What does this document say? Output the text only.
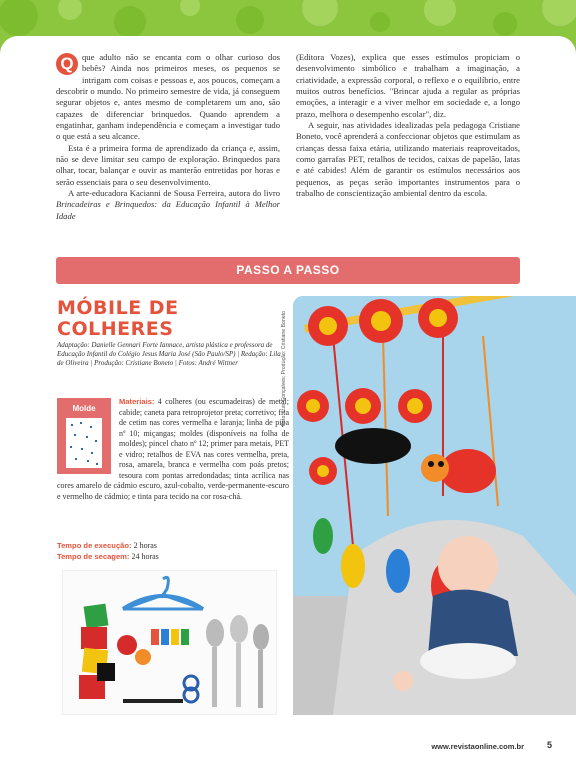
Q que adulto não se encanta com o olhar curioso dos bebês? Ainda nos primeiros meses, os pequenos se intrigam com coisas e pessoas e, aos poucos, começam a descobrir o mundo. No primeiro semestre de vida, já conseguem segurar objetos e, antes mesmo de completarem um ano, são capazes de diferenciar brinquedos. Quando aprendem a engatinhar, ganham independência e começam a investigar tudo o que está a seu alcance.

Esta é a primeira forma de aprendizado da criança e, assim, não se deve limitar seu campo de exploração. Brinquedos para olhar, tocar, balançar e ouvir as manterão entretidas por horas e serão essenciais para o seu desenvolvimento.

A arte-educadora Kacianni de Sousa Ferreira, autora do livro Brincadeiras e Brinquedos: da Educação Infantil à Melhor Idade

(Editora Vozes), explica que esses estímulos propiciam o desenvolvimento simbólico e trabalham a imaginação, a criatividade, a expressão corporal, o reflexo e o equilíbrio, entre muitos outros benefícios. "Brincar ajuda a regular as próprias emoções, a interagir e a viver melhor em sociedade e, a longo prazo, melhora o desempenho escolar", diz.

A seguir, nas atividades idealizadas pela pedagoga Cristiane Boneto, você aprenderá a confeccionar objetos que estimulam as crianças dessa faixa etária, utilizando materiais reaproveitados, como garrafas PET, retalhos de tecidos, caixas de papelão, latas e até cabides! Além de garantir os estímulos necessários aos pequenos, as peças serão importantes instrumentos para o trabalho de conscientização ambiental dentro da escola.

PASSO A PASSO
MÓBILE DE COLHERES
Adaptação: Danielle Gennari Forte Iannace, artista plástica e professora de Educação Infantil do Colégio Jesus Maria José (São Paulo/SP) | Redação: Lila de Oliveira | Produção: Cristiane Boneto | Fotos: André Wittner
Materiais: 4 colheres (ou escumadeiras) de metal; cabide; caneta para retroprojetor preta; corretivo; fita de cetim nas cores vermelha e laranja; linha de pipa nº 10; miçangas; moldes (disponíveis na folha de moldes); pincel chato nº 12; primer para metais, PET e vidro; retalhos de EVA nas cores vermelha, preta, rosa, amarela, branca e vermelha com poás pretos; tesoura com pontas arredondadas; tinta acrílica nas cores amarelo de cádmio escuro, azul-cobalto, verde-permanente-escuro e vermelho de cádmio; e tinta para tecido na cor rosa-chá.
Molde
Tempo de execução: 2 horas
Tempo de secagem: 24 horas
Foto: Luis Gonçalves; Produção: Cristiane Boneto
www.revistaonline.com.br	5
